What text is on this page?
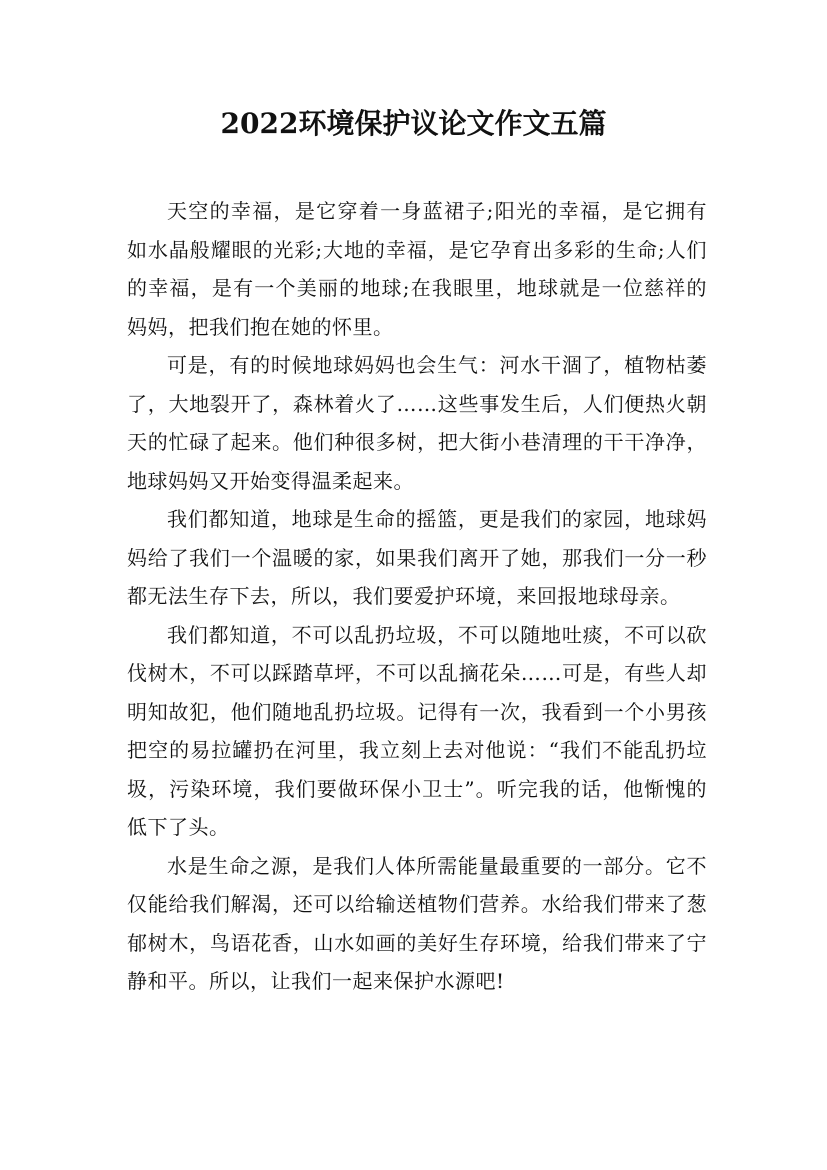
2022环境保护议论文作文五篇

天空的幸福，是它穿着一身蓝裙子;阳光的幸福，是它拥有如水晶般耀眼的光彩;大地的幸福，是它孕育出多彩的生命;人们的幸福，是有一个美丽的地球;在我眼里，地球就是一位慈祥的妈妈，把我们抱在她的怀里。

可是，有的时候地球妈妈也会生气：河水干涸了，植物枯萎了，大地裂开了，森林着火了……这些事发生后，人们便热火朝天的忙碌了起来。他们种很多树，把大街小巷清理的干干净净，地球妈妈又开始变得温柔起来。

我们都知道，地球是生命的摇篮，更是我们的家园，地球妈妈给了我们一个温暖的家，如果我们离开了她，那我们一分一秒都无法生存下去，所以，我们要爱护环境，来回报地球母亲。

我们都知道，不可以乱扔垃圾，不可以随地吐痰，不可以砍伐树木，不可以踩踏草坪，不可以乱摘花朵……可是，有些人却明知故犯，他们随地乱扔垃圾。记得有一次，我看到一个小男孩把空的易拉罐扔在河里，我立刻上去对他说：“我们不能乱扔垃圾，污染环境，我们要做环保小卫士”。听完我的话，他惭愧的低下了头。

水是生命之源，是我们人体所需能量最重要的一部分。它不仅能给我们解渴，还可以给输送植物们营养。水给我们带来了葱郁树木，鸟语花香，山水如画的美好生存环境，给我们带来了宁静和平。所以，让我们一起来保护水源吧!
